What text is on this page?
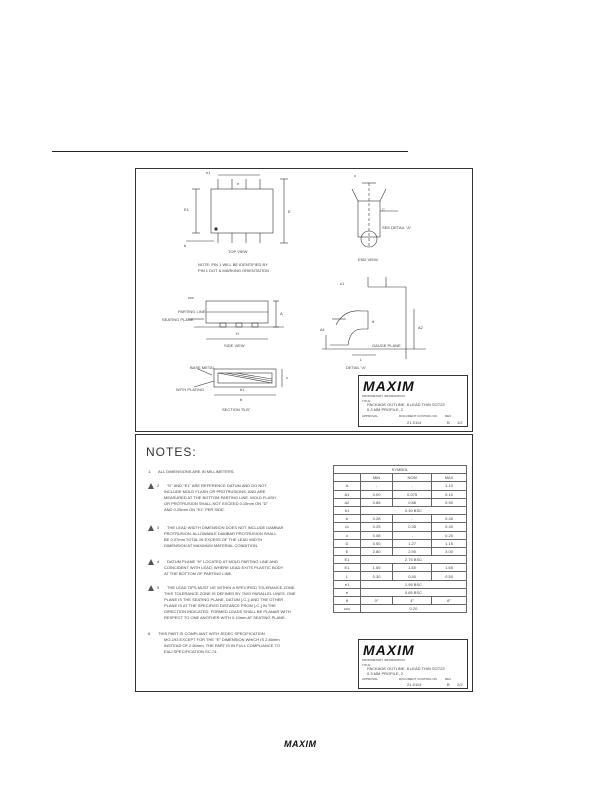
e
E1	E
e1
b
TOP VIEW
NOTE: PIN 1 WILL BE IDENTIFIED BY
PIN 1 DOT & MARKING ORIENTATION
c
C
SEE DETAIL "A"
END VIEW
PARTING LINE
SEATING PLANE
A
H
ccc
SIDE VIEW
c1
A2
GAUGE PLANE
A1
θ
L
DETAIL "A"
BASE METAL
WITH PLATING
c
b1
b
SECTION "B-B"
MAXIM
PROPRIETARY INFORMATION
TITLE:
PACKAGE OUTLINE, 8 LEAD THIN SOT23
0.3 MM PROFILE, 2
APPROVAL	DOCUMENT CONTROL NO.
21-0114
REV.
B 1/2
NOTES:
1. ALL DIMENSIONS ARE IN MILLIMETERS.
2 "D" AND "E1" ARE REFERENCE DATUM AND DO NOT
INCLUDE MOLD FLASH OR PROTRUSIONS, AND ARE
MEASURED AT THE BOTTOM PARTING LINE. MOLD FLASH
OR PROTRUSION SHALL NOT EXCEED 0.15mm ON "D"
AND 0.25mm ON "E1" PER SIDE.
3 THE LEAD WIDTH DIMENSION DOES NOT INCLUDE DAMBAR
PROTRUSION. ALLOWABLE DAMBAR PROTRUSION SHALL
BE 0.07mm TOTAL IN EXCESS OF THE LEAD WIDTH
DIMENSION AT MAXIMUM MATERIAL CONDITION.
4 DATUM PLANE "H" LOCATED AT MOLD PARTING LINE AND
COINCIDENT WITH LEAD, WHERE LEAD EXITS PLASTIC BODY
AT THE BOTTOM OF PARTING LINE.
5 THE LEAD TIPS MUST LIE WITHIN A SPECIFIED TOLERANCE ZONE.
THIS TOLERANCE ZONE IS DEFINED BY TWO PARALLEL LINES. ONE
PLANE IS THE SEATING PLANE, DATUM [-C-]; AND THE OTHER
PLANE IS AT THE SPECIFIED DISTANCE FROM [-C-] IN THE
DIRECTION INDICATED. FORMED LEADS SHALL BE PLANAR WITH
RESPECT TO ONE ANOTHER WITH 0.10mm AT SEATING PLANE.
6. THIS PART IS COMPLIANT WITH JEDEC SPECIFICATION
MO-193 EXCEPT FOR THE "E" DIMENSION WHICH IS 2.80mm
INSTEAD OF 2.60mm. THE PART IS IN FULL COMPLIANCE TO
EIAJ SPECIFICATION SC-74.
SYMBOL			
	MIN	NOM	MAX
A	-	-	1.10
A1	0.00	0.075	0.10
A2	0.85	0.88	0.90
b1	0.30 BSC		
b	0.28	-	0.45
c1	0.25	0.35	0.40
c	0.08	-	0.20
D	0.50	1.27	1.15
E	2.80	2.90	3.00
E1	2.75 BSC		
E1	1.55	1.60	1.65
L	0.30	0.40	0.50
e1	1.95 BSC		
e	0.65 BSC		
θ	0°	4°	8°
ccc	0.20		
MAXIM
PROPRIETARY INFORMATION
TITLE:
PACKAGE OUTLINE, 8 LEAD THIN SOT23
0.3 MM PROFILE, 2
APPROVAL	DOCUMENT CONTROL NO.
21-0114
REV.
B 2/2
MAXIM
